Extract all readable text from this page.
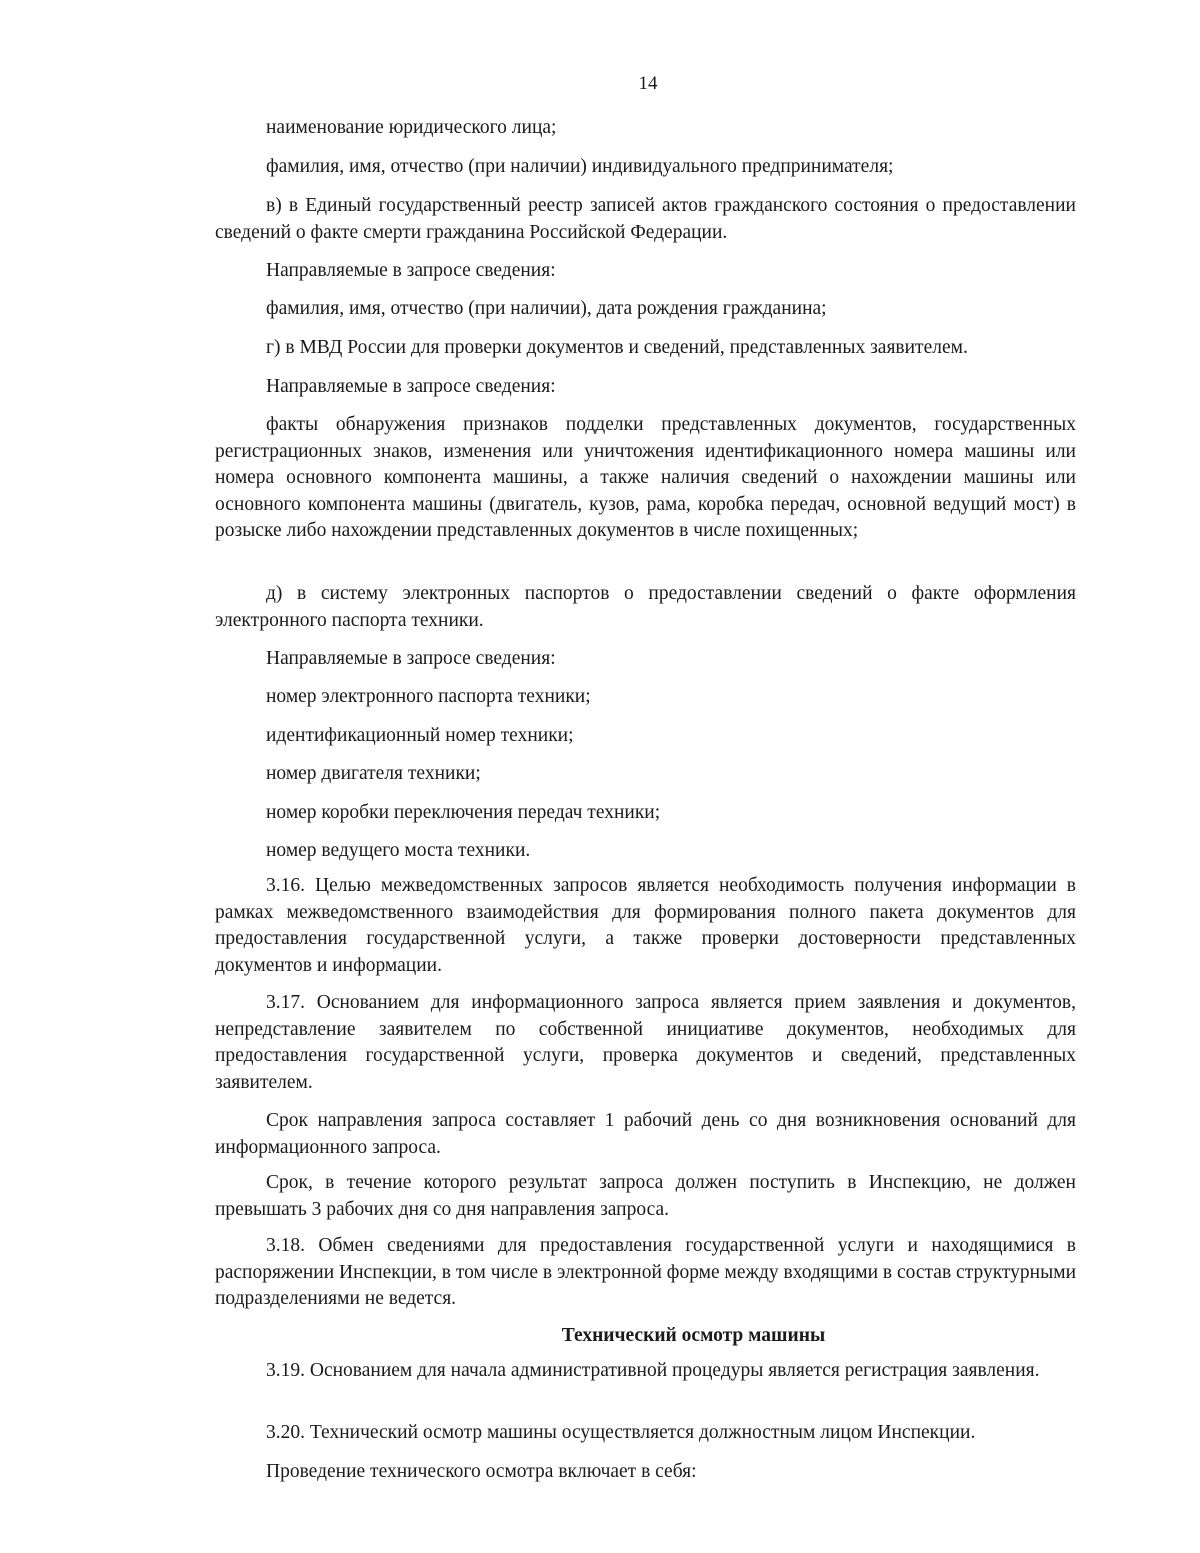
14

наименование юридического лица;

фамилия, имя, отчество (при наличии) индивидуального предпринимателя;

в) в Единый государственный реестр записей актов гражданского состояния о предоставлении сведений о факте смерти гражданина Российской Федерации.

Направляемые в запросе сведения:

фамилия, имя, отчество (при наличии), дата рождения гражданина;

г) в МВД России для проверки документов и сведений, представленных заявителем.

Направляемые в запросе сведения:

факты обнаружения признаков подделки представленных документов, государственных регистрационных знаков, изменения или уничтожения идентификационного номера машины или номера основного компонента машины, а также наличия сведений о нахождении машины или основного компонента машины (двигатель, кузов, рама, коробка передач, основной ведущий мост) в розыске либо нахождении представленных документов в числе похищенных;

д) в систему электронных паспортов о предоставлении сведений о факте оформления электронного паспорта техники.

Направляемые в запросе сведения:

номер электронного паспорта техники;

идентификационный номер техники;

номер двигателя техники;

номер коробки переключения передач техники;

номер ведущего моста техники.

3.16. Целью межведомственных запросов является необходимость получения информации в рамках межведомственного взаимодействия для формирования полного пакета документов для предоставления государственной услуги, а также проверки достоверности представленных документов и информации.

3.17. Основанием для информационного запроса является прием заявления и документов, непредставление заявителем по собственной инициативе документов, необходимых для предоставления государственной услуги, проверка документов и сведений, представленных заявителем.

Срок направления запроса составляет 1 рабочий день со дня возникновения оснований для информационного запроса.

Срок, в течение которого результат запроса должен поступить в Инспекцию, не должен превышать 3 рабочих дня со дня направления запроса.

3.18. Обмен сведениями для предоставления государственной услуги и находящимися в распоряжении Инспекции, в том числе в электронной форме между входящими в состав структурными подразделениями не ведется.

Технический осмотр машины

3.19. Основанием для начала административной процедуры является регистрация заявления.

3.20. Технический осмотр машины осуществляется должностным лицом Инспекции.

Проведение технического осмотра включает в себя:
